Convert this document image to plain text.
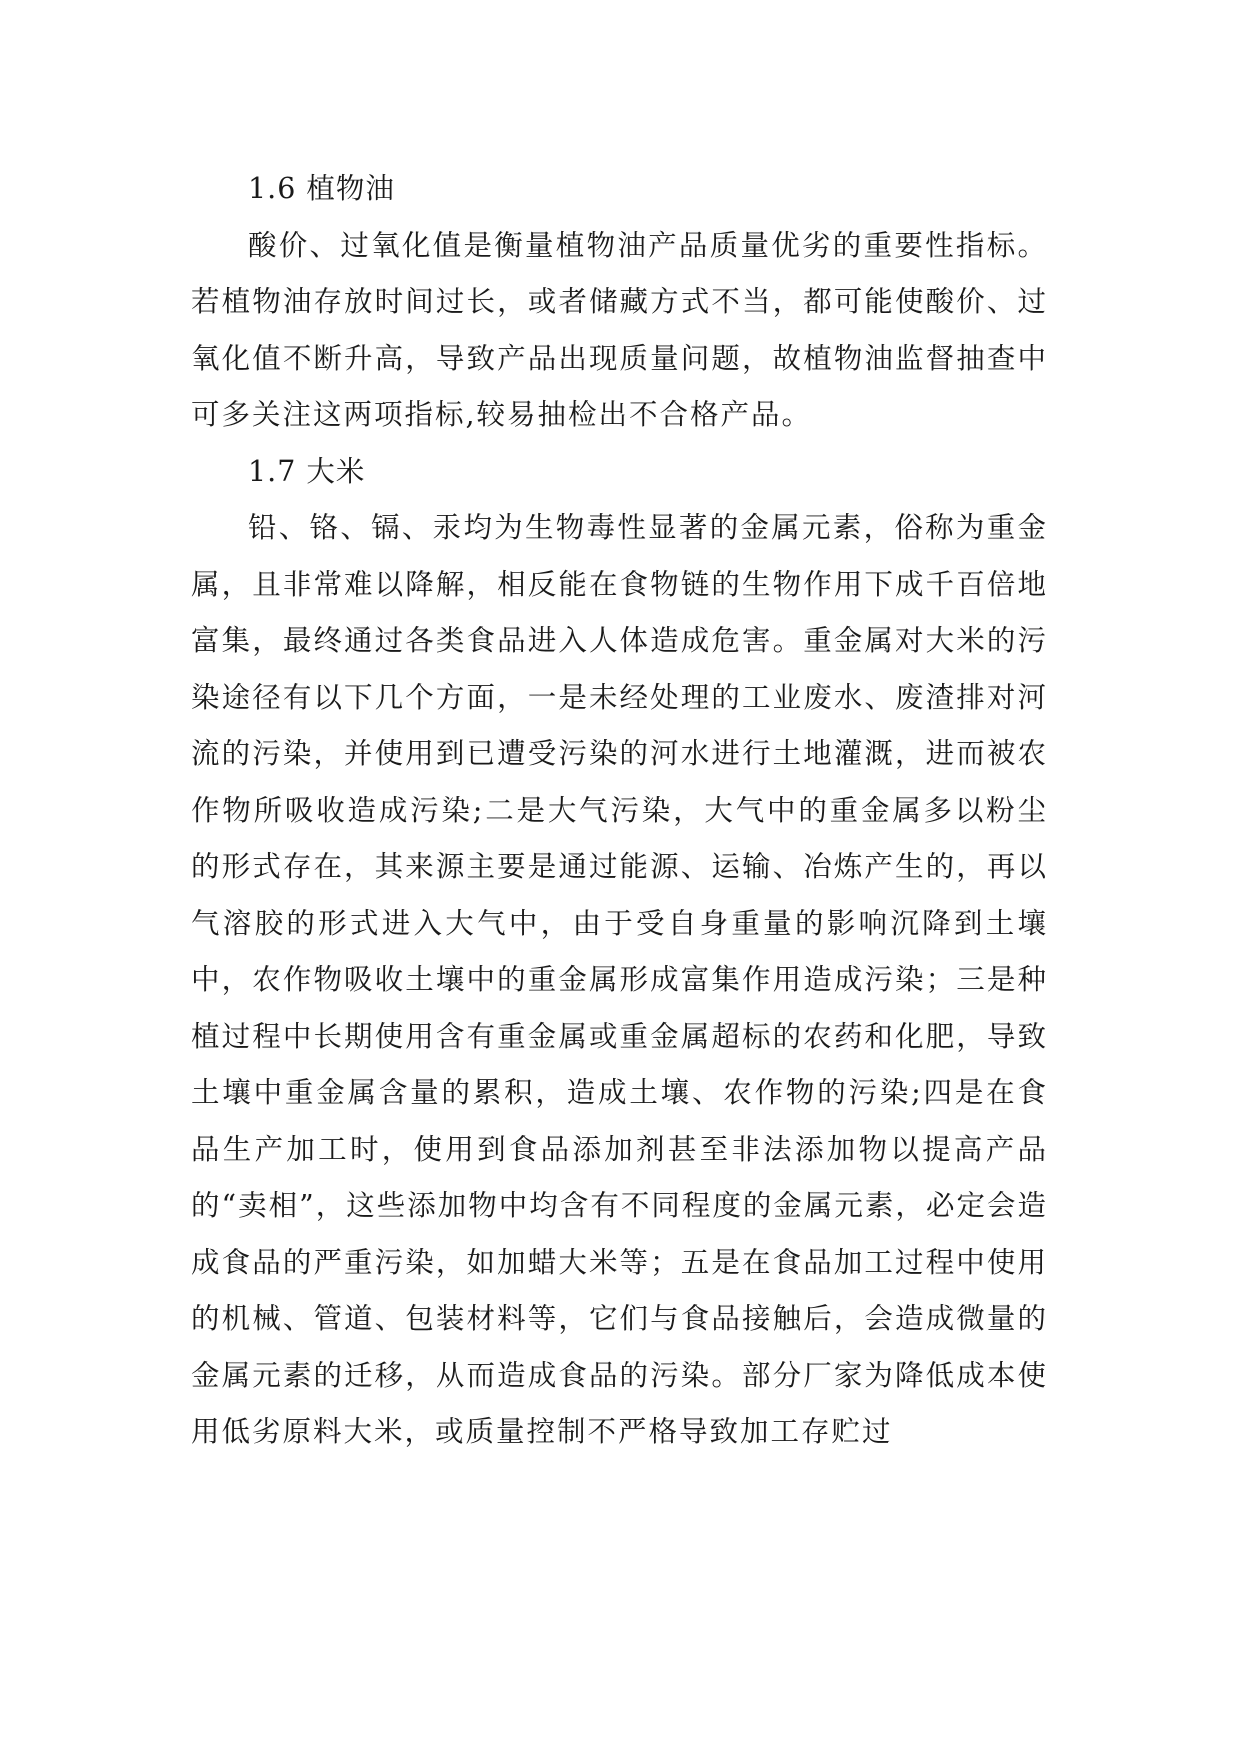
1.6 植物油

酸价、过氧化值是衡量植物油产品质量优劣的重要性指标。若植物油存放时间过长，或者储藏方式不当，都可能使酸价、过氧化值不断升高，导致产品出现质量问题，故植物油监督抽查中可多关注这两项指标,较易抽检出不合格产品。

1.7 大米

铅、铬、镉、汞均为生物毒性显著的金属元素，俗称为重金属，且非常难以降解，相反能在食物链的生物作用下成千百倍地富集，最终通过各类食品进入人体造成危害。重金属对大米的污染途径有以下几个方面，一是未经处理的工业废水、废渣排对河流的污染，并使用到已遭受污染的河水进行土地灌溉，进而被农作物所吸收造成污染;二是大气污染，大气中的重金属多以粉尘的形式存在，其来源主要是通过能源、运输、冶炼产生的，再以气溶胶的形式进入大气中，由于受自身重量的影响沉降到土壤中，农作物吸收土壤中的重金属形成富集作用造成污染；三是种植过程中长期使用含有重金属或重金属超标的农药和化肥，导致土壤中重金属含量的累积，造成土壤、农作物的污染;四是在食品生产加工时，使用到食品添加剂甚至非法添加物以提高产品的“卖相”，这些添加物中均含有不同程度的金属元素，必定会造成食品的严重污染，如加蜡大米等；五是在食品加工过程中使用的机械、管道、包装材料等，它们与食品接触后，会造成微量的金属元素的迁移，从而造成食品的污染。部分厂家为降低成本使用低劣原料大米，或质量控制不严格导致加工存贮过
